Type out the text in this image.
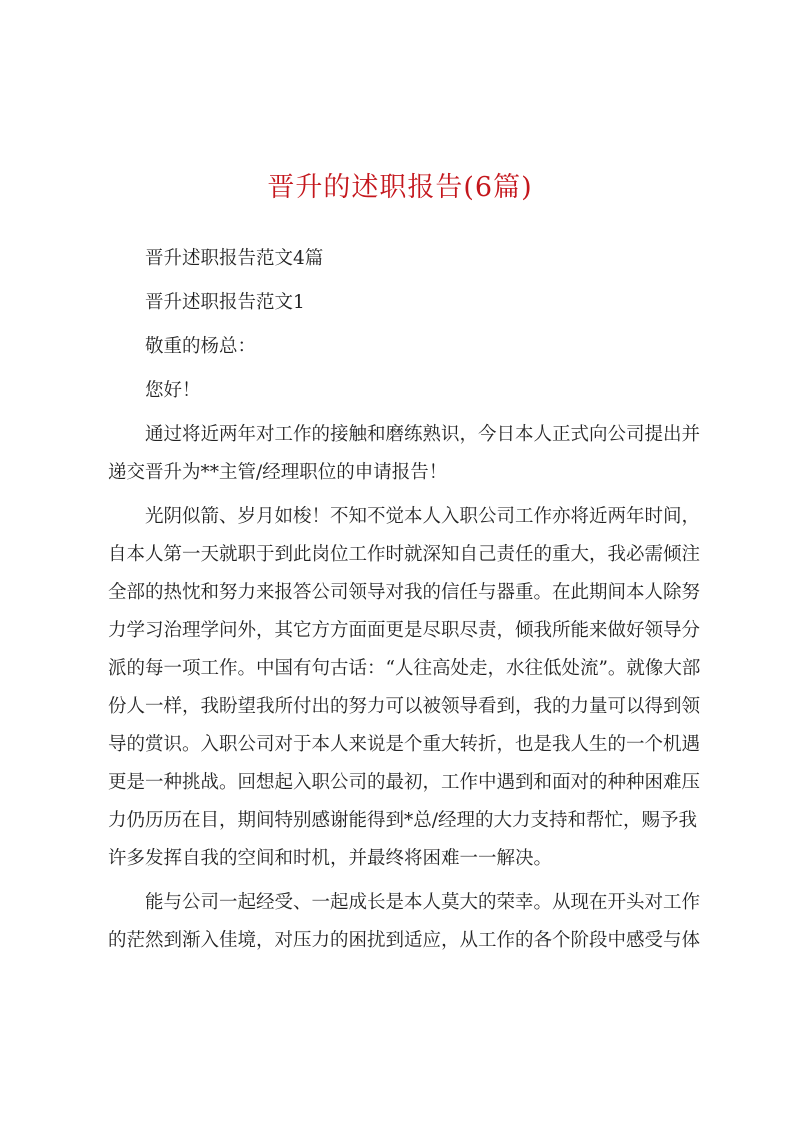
晋升的述职报告(6篇)

晋升述职报告范文4篇

晋升述职报告范文1

敬重的杨总：

您好！

通过将近两年对工作的接触和磨练熟识，今日本人正式向公司提出并

递交晋升为**主管/经理职位的申请报告！

光阴似箭、岁月如梭！不知不觉本人入职公司工作亦将近两年时间，

自本人第一天就职于到此岗位工作时就深知自己责任的重大，我必需倾注

全部的热忱和努力来报答公司领导对我的信任与器重。在此期间本人除努

力学习治理学问外，其它方方面面更是尽职尽责，倾我所能来做好领导分

派的每一项工作。中国有句古话：“人往高处走，水往低处流”。就像大部

份人一样，我盼望我所付出的努力可以被领导看到，我的力量可以得到领

导的赏识。入职公司对于本人来说是个重大转折，也是我人生的一个机遇

更是一种挑战。回想起入职公司的最初，工作中遇到和面对的种种困难压

力仍历历在目，期间特别感谢能得到*总/经理的大力支持和帮忙，赐予我

许多发挥自我的空间和时机，并最终将困难一一解决。

能与公司一起经受、一起成长是本人莫大的荣幸。从现在开头对工作

的茫然到渐入佳境，对压力的困扰到适应，从工作的各个阶段中感受与体
